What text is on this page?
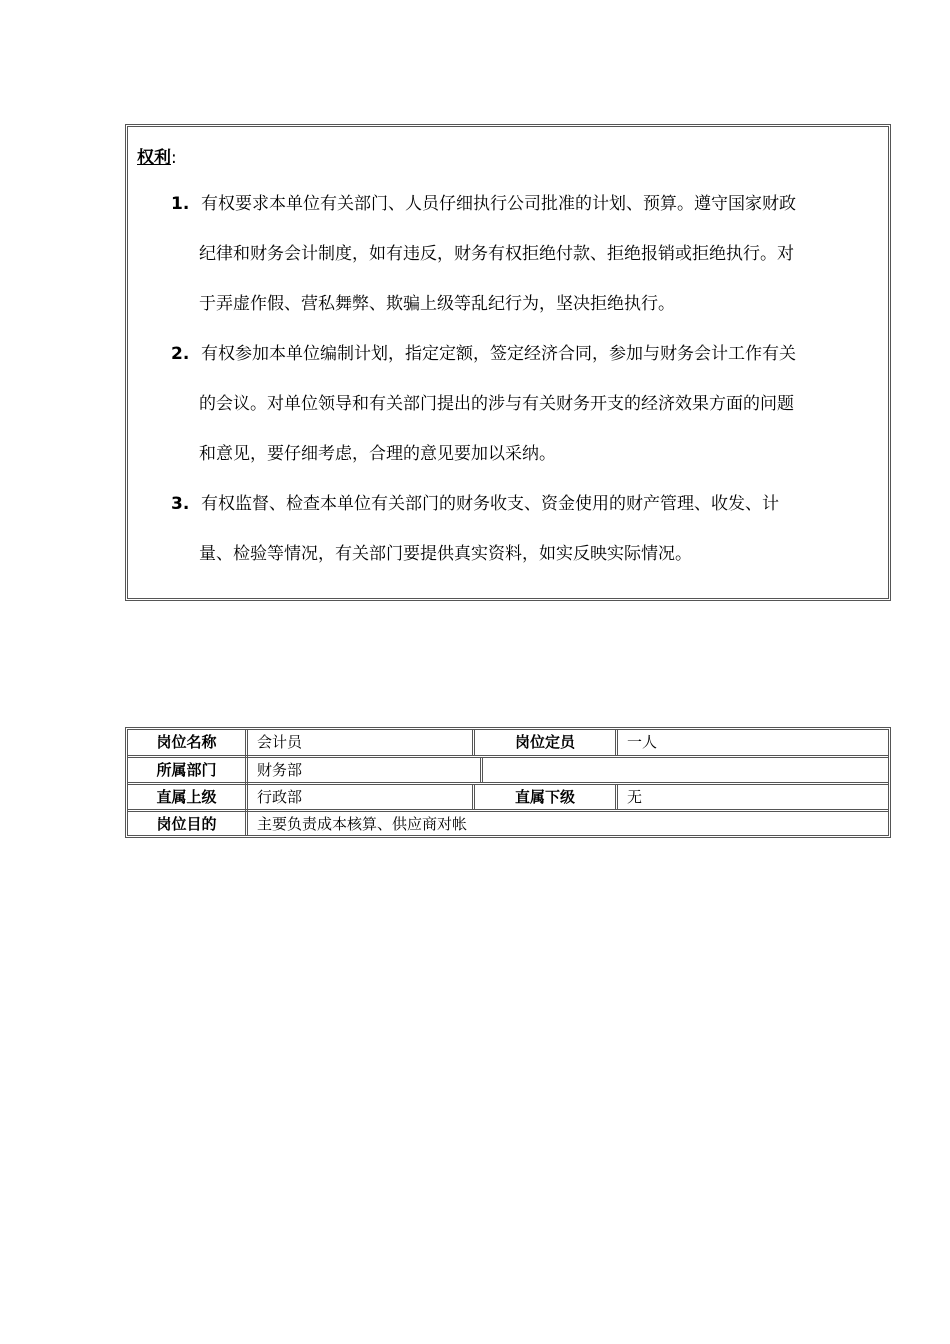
权利:
1. 有权要求本单位有关部门、人员仔细执行公司批准的计划、预算。遵守国家财政
纪律和财务会计制度，如有违反，财务有权拒绝付款、拒绝报销或拒绝执行。对
于弄虚作假、营私舞弊、欺骗上级等乱纪行为，坚决拒绝执行。
2. 有权参加本单位编制计划，指定定额，签定经济合同，参加与财务会计工作有关
的会议。对单位领导和有关部门提出的涉与有关财务开支的经济效果方面的问题
和意见，要仔细考虑，合理的意见要加以采纳。
3. 有权监督、检查本单位有关部门的财务收支、资金使用的财产管理、收发、计
量、检验等情况，有关部门要提供真实资料，如实反映实际情况。
岗位名称	会计员	岗位定员	一人
所属部门	财务部
直属上级	行政部	直属下级	无
岗位目的	主要负责成本核算、供应商对帐
